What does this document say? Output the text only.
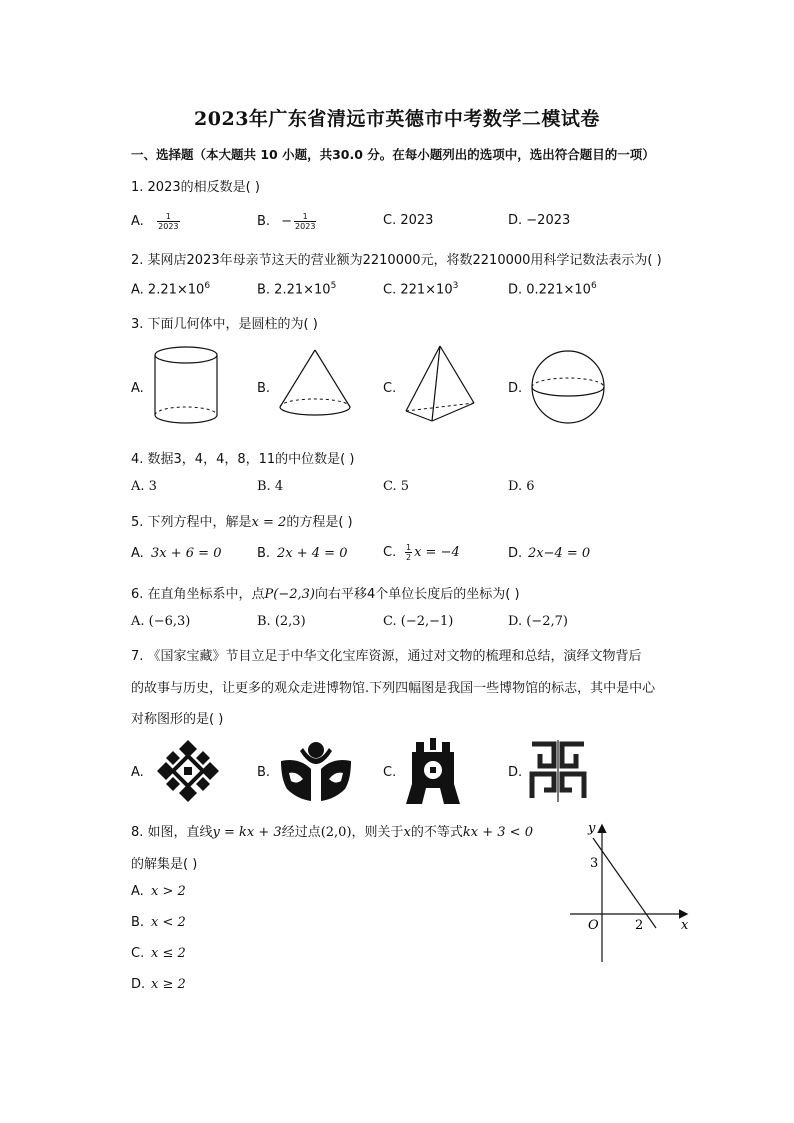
2023年广东省清远市英德市中考数学二模试卷
一、选择题（本大题共 10 小题，共30.0 分。在每小题列出的选项中，选出符合题目的一项）
1. 2023的相反数是( )
A. $\frac{1}{2023}$	B. − $\frac{1}{2023}$	C. 2023	D. −2023
2. 某网店2023年母亲节这天的营业额为2210000元，将数2210000用科学记数法表示为( )
A. $2.21\times 10^6$	B. $2.21\times 10^5$	C. $221\times 10^3$	D. $0.221\times 10^6$
3. 下面几何体中，是圆柱的为( )
A.	B.	C.	D.
4. 数据3，4，4，8，11的中位数是( )
A. 3	B. 4	C. 5	D. 6
5. 下列方程中，解是x = 2的方程是( )
A. 3x + 6 = 0	B. 2x + 4 = 0	C. $\frac{1}{2}$ x = −4	D. 2x−4 = 0
6. 在直角坐标系中，点P(−2,3)向右平移4个单位长度后的坐标为( )
A. (−6,3)	B. (2,3)	C. (−2,−1)	D. (−2,7)
7. 《国家宝藏》节目立足于中华文化宝库资源，通过对文物的梳理和总结，演绎文物背后
的故事与历史，让更多的观众走进博物馆.下列四幅图是我国一些博物馆的标志，其中是中心
对称图形的是( )
A.	B.	C.	D.
8. 如图，直线y = kx + 3经过点(2,0)，则关于x的不等式kx + 3 < 0
的解集是( )
A. x > 2
B. x < 2
C. x ≤ 2
D. x ≥ 2
y
x
O
3
2
